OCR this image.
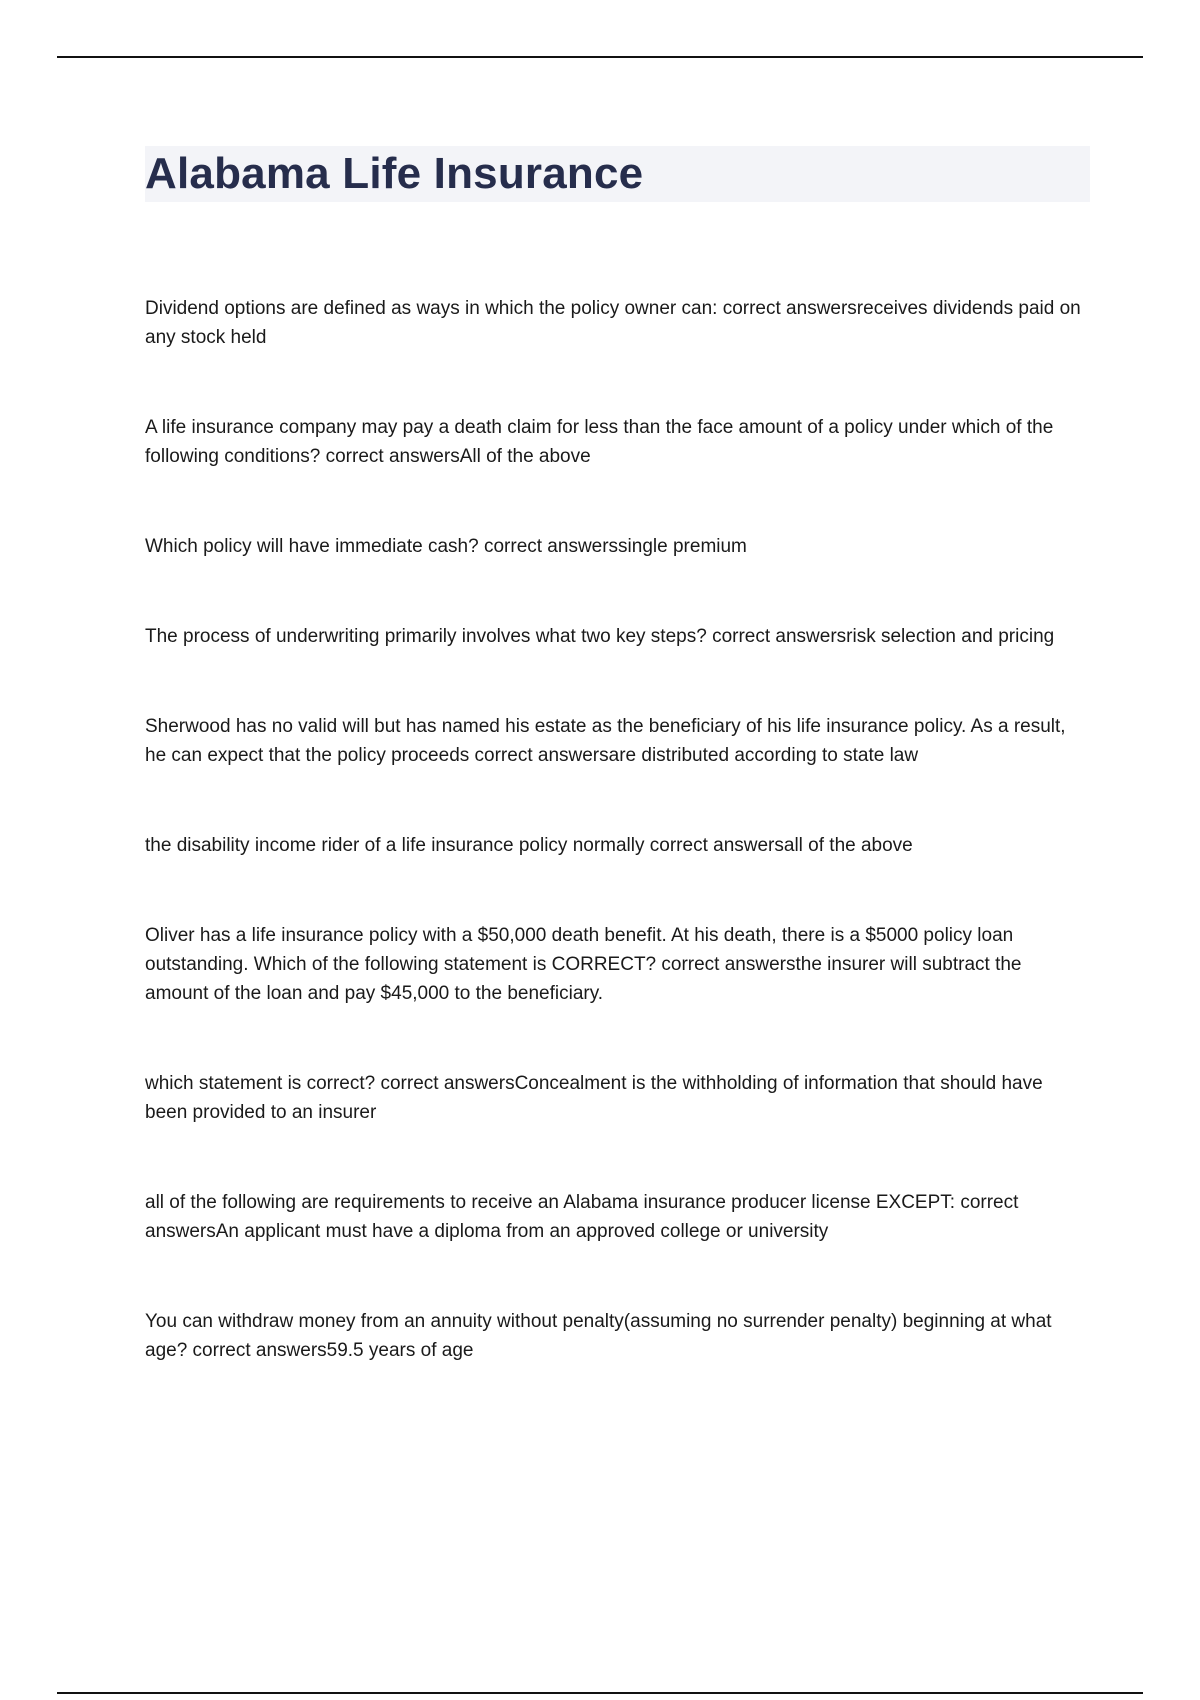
Alabama Life Insurance
Dividend options are defined as ways in which the policy owner can: correct answersreceives dividends paid on any stock held
A life insurance company may pay a death claim for less than the face amount of a policy under which of the following conditions? correct answersAll of the above
Which policy will have immediate cash? correct answerssingle premium
The process of underwriting primarily involves what two key steps? correct answersrisk selection and pricing
Sherwood has no valid will but has named his estate as the beneficiary of his life insurance policy. As a result, he can expect that the policy proceeds correct answersare distributed according to state law
the disability income rider of a life insurance policy normally correct answersall of the above
Oliver has a life insurance policy with a $50,000 death benefit. At his death, there is a $5000 policy loan outstanding. Which of the following statement is CORRECT? correct answersthe insurer will subtract the amount of the loan and pay $45,000 to the beneficiary.
which statement is correct? correct answersConcealment is the withholding of information that should have been provided to an insurer
all of the following are requirements to receive an Alabama insurance producer license EXCEPT: correct answersAn applicant must have a diploma from an approved college or university
You can withdraw money from an annuity without penalty(assuming no surrender penalty) beginning at what age? correct answers59.5 years of age
